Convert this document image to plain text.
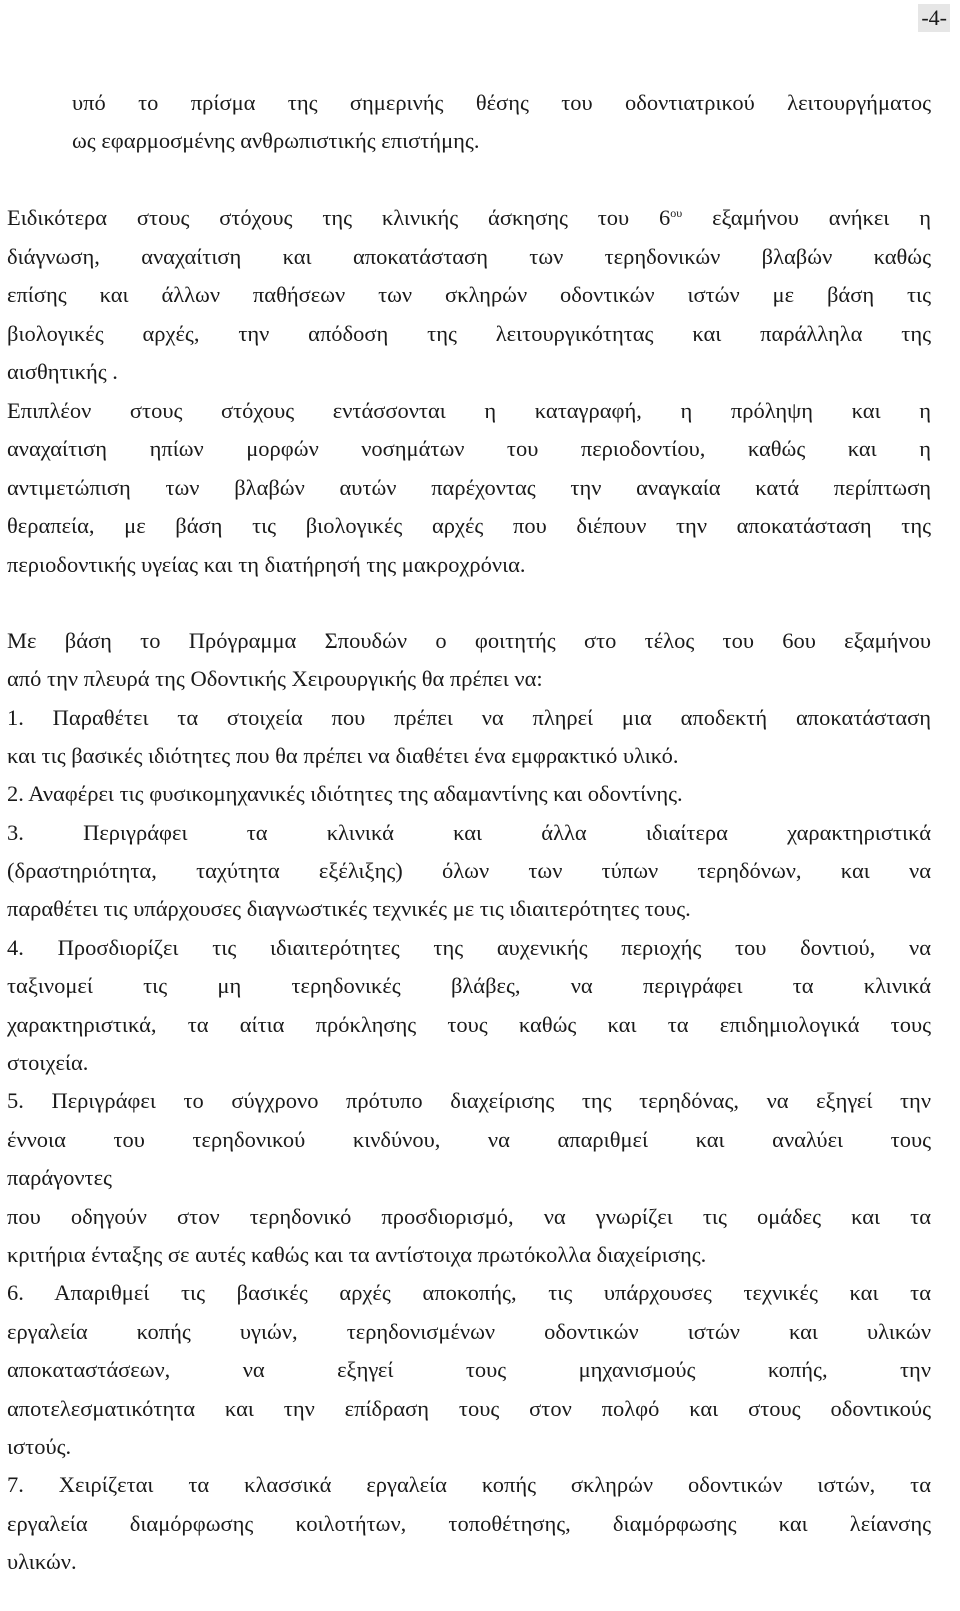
-4-
υπό το πρίσμα της σημερινής θέσης του οδοντιατρικού λειτουργήματος
ως εφαρμοσμένης ανθρωπιστικής επιστήμης.
Ειδικότερα στους στόχους της κλινικής άσκησης του $6^{o\upsilon}$ εξαμήνου ανήκει η
διάγνωση, αναχαίτιση και αποκατάσταση των τερηδονικών βλαβών καθώς
επίσης και άλλων παθήσεων των σκληρών οδοντικών ιστών με βάση τις
βιολογικές αρχές, την απόδοση της λειτουργικότητας και παράλληλα της
αισθητικής .
Επιπλέον στους στόχους εντάσσονται η καταγραφή, η πρόληψη και η
αναχαίτιση ηπίων μορφών νοσημάτων του περιοδοντίου, καθώς και η
αντιμετώπιση των βλαβών αυτών παρέχοντας την αναγκαία κατά περίπτωση
θεραπεία, με βάση τις βιολογικές αρχές που διέπουν την αποκατάσταση της
περιοδοντικής υγείας και τη διατήρησή της μακροχρόνια.
Με βάση το Πρόγραμμα Σπουδών ο φοιτητής στο τέλος του 6ου εξαμήνου
από την πλευρά της Οδοντικής Χειρουργικής θα πρέπει να:
1. Παραθέτει τα στοιχεία που πρέπει να πληρεί μια αποδεκτή αποκατάσταση
και τις βασικές ιδιότητες που θα πρέπει να διαθέτει ένα εμφρακτικό υλικό.
2. Αναφέρει τις φυσικομηχανικές ιδιότητες της αδαμαντίνης και οδοντίνης.
3. Περιγράφει τα κλινικά και άλλα ιδιαίτερα χαρακτηριστικά
(δραστηριότητα, ταχύτητα εξέλιξης) όλων των τύπων τερηδόνων, και να
παραθέτει τις υπάρχουσες διαγνωστικές τεχνικές με τις ιδιαιτερότητες τους.
4. Προσδιορίζει τις ιδιαιτερότητες της αυχενικής περιοχής του δοντιού, να
ταξινομεί τις μη τερηδονικές βλάβες, να περιγράφει τα κλινικά
χαρακτηριστικά, τα αίτια πρόκλησης τους καθώς και τα επιδημιολογικά τους
στοιχεία.
5. Περιγράφει το σύγχρονο πρότυπο διαχείρισης της τερηδόνας, να εξηγεί την
έννοια του τερηδονικού κινδύνου, να απαριθμεί και αναλύει τους
παράγοντες
που οδηγούν στον τερηδονικό προσδιορισμό, να γνωρίζει τις ομάδες και τα
κριτήρια ένταξης σε αυτές καθώς και τα αντίστοιχα πρωτόκολλα διαχείρισης.
6. Απαριθμεί τις βασικές αρχές αποκοπής, τις υπάρχουσες τεχνικές και τα
εργαλεία κοπής υγιών, τερηδονισμένων οδοντικών ιστών και υλικών
αποκαταστάσεων, να εξηγεί τους μηχανισμούς κοπής, την
αποτελεσματικότητα και την επίδραση τους στον πολφό και στους οδοντικούς
ιστούς.
7. Χειρίζεται τα κλασσικά εργαλεία κοπής σκληρών οδοντικών ιστών, τα
εργαλεία διαμόρφωσης κοιλοτήτων, τοποθέτησης, διαμόρφωσης και λείανσης
υλικών.
